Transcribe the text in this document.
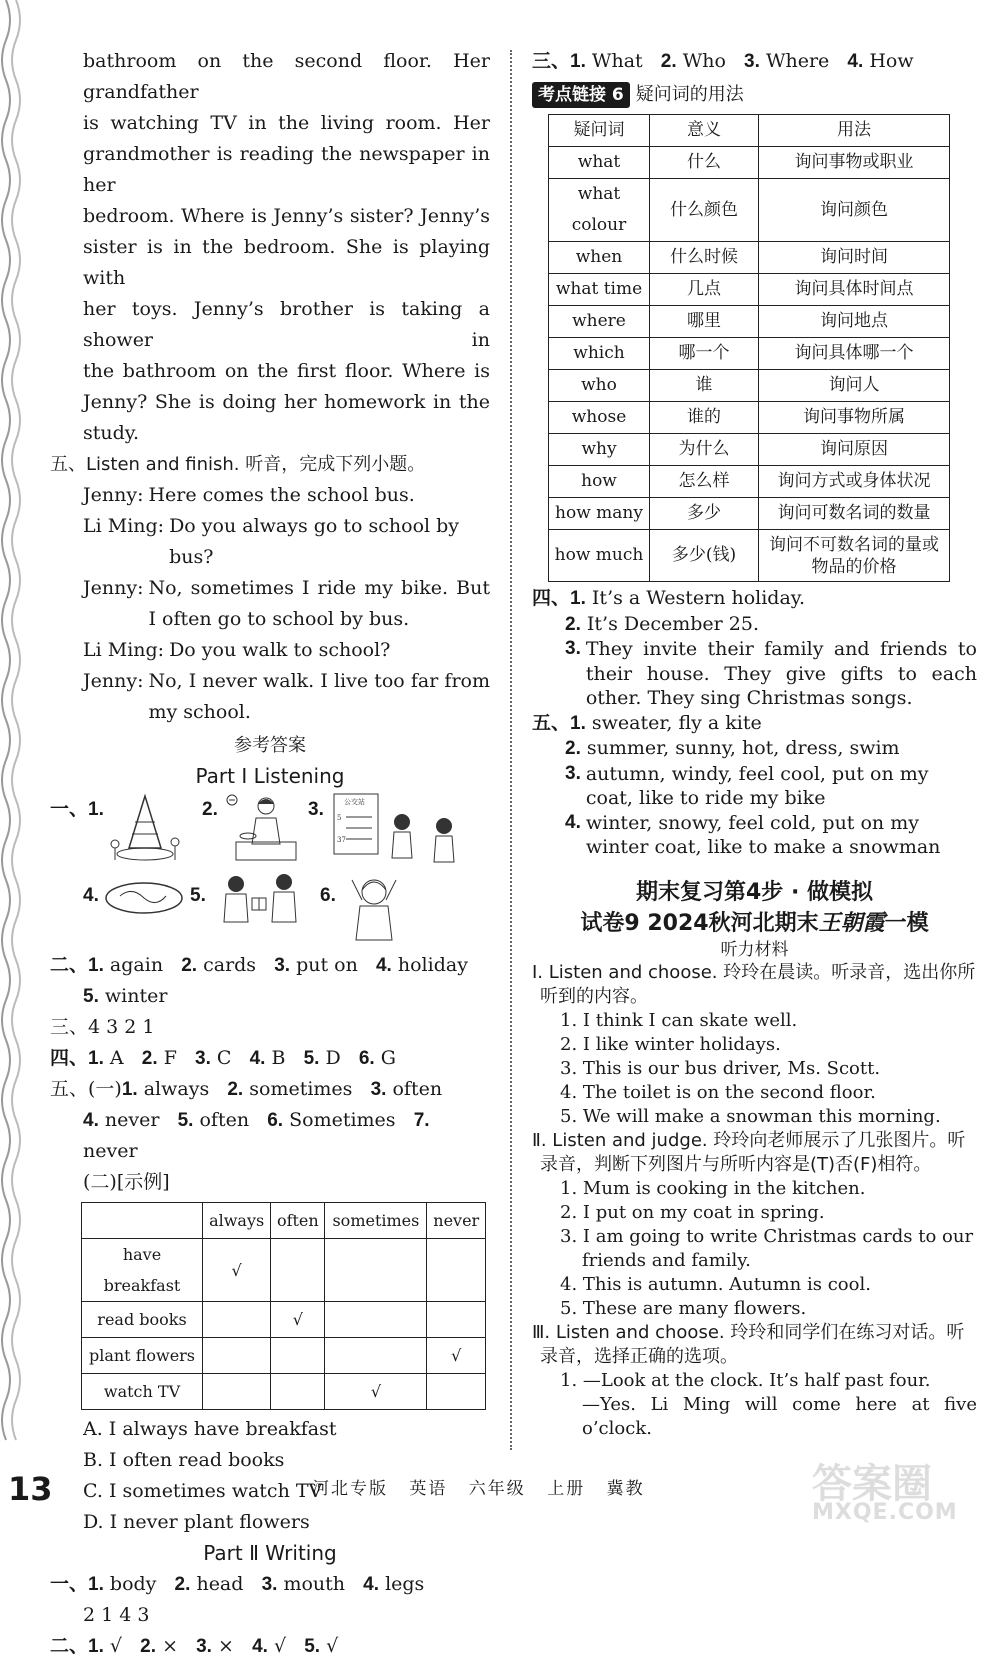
bathroom on the second floor. Her grandfather
is watching TV in the living room. Her
grandmother is reading the newspaper in her
bedroom. Where is Jenny’s sister? Jenny’s
sister is in the bedroom. She is playing with
her toys. Jenny’s brother is taking a shower in
the bathroom on the first floor. Where is
Jenny? She is doing her homework in the
study.
五、Listen and finish. 听音，完成下列小题。
Jenny: Here comes the school bus.
Li Ming: Do you always go to school by bus?
Jenny: No, sometimes I ride my bike. But I often go to school by bus.
Li Ming: Do you walk to school?
Jenny: No, I never walk. I live too far from my school.
参考答案
Part Ⅰ Listening
一、1.	2.	3.	公交站
5
37
4.	5.	6.
二、1. again 2. cards 3. put on 4. holiday
5. winter
三、4 3 2 1
四、1. A 2. F 3. C 4. B 5. D 6. G
五、(一)1. always 2. sometimes 3. often
4. never 5. often 6. Sometimes 7. never
(二)[示例]
	always	often	sometimes	never
have breakfast	√			
read books		√		
plant flowers				√
watch TV			√	
A. I always have breakfast
B. I often read books
C. I sometimes watch TV
D. I never plant flowers
Part Ⅱ Writing
一、1. body 2. head 3. mouth 4. legs
2 1 4 3
二、1. √ 2. × 3. × 4. √ 5. √
三、1. What 2. Who 3. Where 4. How
考点链接 6 疑问词的用法
疑问词	意义	用法
what	什么	询问事物或职业
what colour	什么颜色	询问颜色
when	什么时候	询问时间
what time	几点	询问具体时间点
where	哪里	询问地点
which	哪一个	询问具体哪一个
who	谁	询问人
whose	谁的	询问事物所属
why	为什么	询问原因
how	怎么样	询问方式或身体状况
how many	多少	询问可数名词的数量
how much	多少(钱)	询问不可数名词的量或物品的价格
四、1. It’s a Western holiday.
2. It’s December 25.
3. They invite their family and friends to their house. They give gifts to each other. They sing Christmas songs.
五、1. sweater, fly a kite
2. summer, sunny, hot, dress, swim
3. autumn, windy, feel cool, put on my coat, like to ride my bike
4. winter, snowy, feel cold, put on my winter coat, like to make a snowman
期末复习第4步 · 做模拟
试卷9 2024秋河北期末王朝霞一模
听力材料
Ⅰ. Listen and choose. 玲玲在晨读。听录音，选出你所听到的内容。
1. I think I can skate well.
2. I like winter holidays.
3. This is our bus driver, Ms. Scott.
4. The toilet is on the second floor.
5. We will make a snowman this morning.
Ⅱ. Listen and judge. 玲玲向老师展示了几张图片。听录音，判断下列图片与所听内容是(T)否(F)相符。
1. Mum is cooking in the kitchen.
2. I put on my coat in spring.
3. I am going to write Christmas cards to our friends and family.
4. This is autumn. Autumn is cool.
5. These are many flowers.
Ⅲ. Listen and choose. 玲玲和同学们在练习对话。听录音，选择正确的选项。
1. —Look at the clock. It’s half past four.
—Yes. Li Ming will come here at five o’clock.
13	河北专版 英语 六年级 上册 冀教	答案圈
MXQE.COM
